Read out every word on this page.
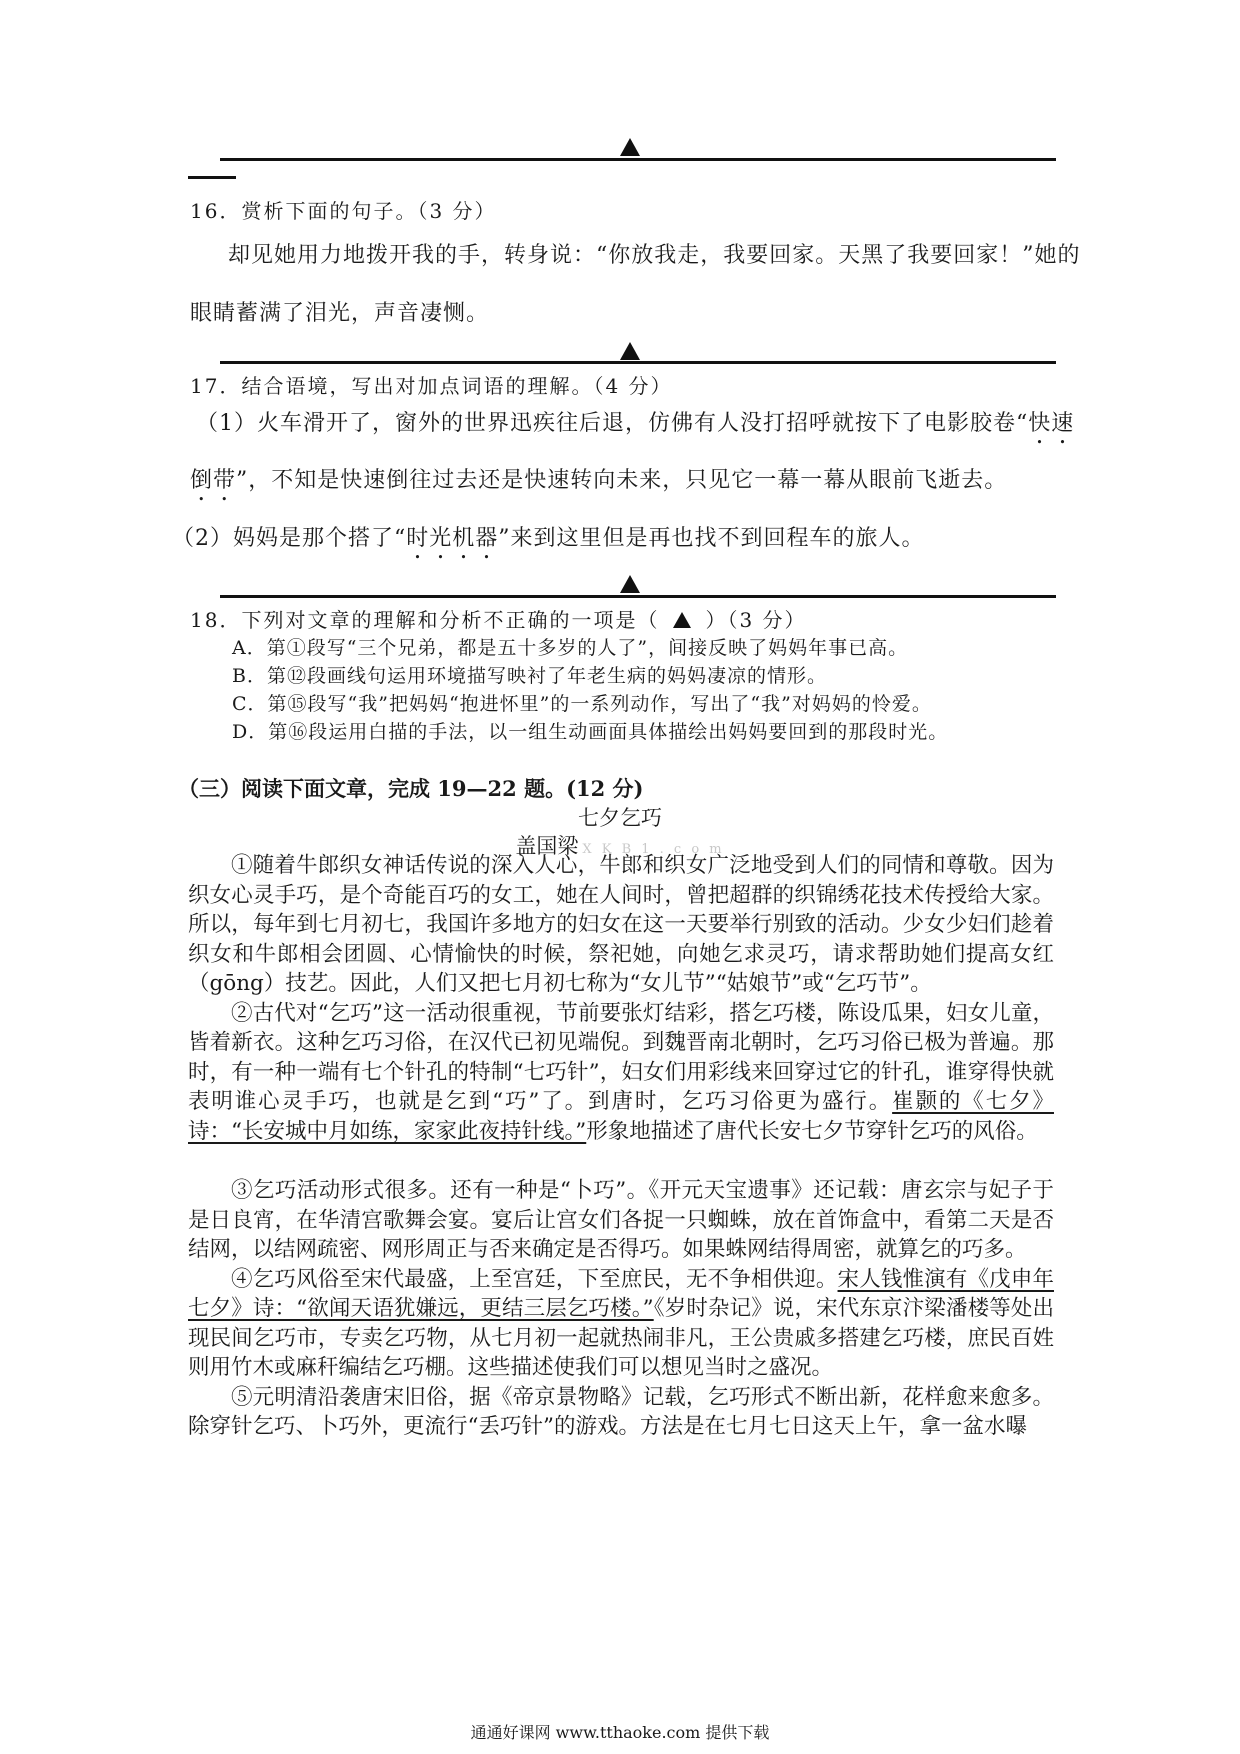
16．赏析下面的句子。（3 分）
却见她用力地拨开我的手，转身说：“你放我走，我要回家。天黑了我要回家！”她的
眼睛蓄满了泪光，声音凄恻。
17．结合语境，写出对加点词语的理解。（4 分）
（1）火车滑开了，窗外的世界迅疾往后退，仿佛有人没打招呼就按下了电影胶卷“快速
倒带”，不知是快速倒往过去还是快速转向未来，只见它一幕一幕从眼前飞逝去。
（2）妈妈是那个搭了“时光机器”来到这里但是再也找不到回程车的旅人。
18．下列对文章的理解和分析不正确的一项是（ ）（3 分）
A．第①段写“三个兄弟，都是五十多岁的人了”，间接反映了妈妈年事已高。
B．第⑫段画线句运用环境描写映衬了年老生病的妈妈凄凉的情形。
C．第⑮段写“我”把妈妈“抱进怀里”的一系列动作，写出了“我”对妈妈的怜爱。
D．第⑯段运用白描的手法，以一组生动画面具体描绘出妈妈要回到的那段时光。
（三）阅读下面文章，完成 19—22 题。(12 分)
七夕乞巧
盖国梁 X K B 1 . c o m

①随着牛郎织女神话传说的深入人心，牛郎和织女广泛地受到人们的同情和尊敬。因为织女心灵手巧，是个奇能百巧的女工，她在人间时，曾把超群的织锦绣花技术传授给大家。所以，每年到七月初七，我国许多地方的妇女在这一天要举行别致的活动。少女少妇们趁着织女和牛郎相会团圆、心情愉快的时候，祭祀她，向她乞求灵巧，请求帮助她们提高女红（gōng）技艺。因此，人们又把七月初七称为“女儿节”“姑娘节”或“乞巧节”。

②古代对“乞巧”这一活动很重视，节前要张灯结彩，搭乞巧楼，陈设瓜果，妇女儿童，皆着新衣。这种乞巧习俗，在汉代已初见端倪。到魏晋南北朝时，乞巧习俗已极为普遍。那时，有一种一端有七个针孔的特制“七巧针”，妇女们用彩线来回穿过它的针孔，谁穿得快就表明谁心灵手巧，也就是乞到“巧”了。到唐时，乞巧习俗更为盛行。崔颢的《七夕》诗：“长安城中月如练，家家此夜持针线。”形象地描述了唐代长安七夕节穿针乞巧的风俗。

③乞巧活动形式很多。还有一种是“卜巧”。《开元天宝遗事》还记载：唐玄宗与妃子于是日良宵，在华清宫歌舞会宴。宴后让宫女们各捉一只蜘蛛，放在首饰盒中，看第二天是否结网，以结网疏密、网形周正与否来确定是否得巧。如果蛛网结得周密，就算乞的巧多。

④乞巧风俗至宋代最盛，上至宫廷，下至庶民，无不争相供迎。宋人钱惟演有《戊申年七夕》诗：“欲闻天语犹嫌远，更结三层乞巧楼。”《岁时杂记》说，宋代东京汴梁潘楼等处出现民间乞巧市，专卖乞巧物，从七月初一起就热闹非凡，王公贵戚多搭建乞巧楼，庶民百姓则用竹木或麻秆编结乞巧棚。这些描述使我们可以想见当时之盛况。

⑤元明清沿袭唐宋旧俗，据《帝京景物略》记载，乞巧形式不断出新，花样愈来愈多。除穿针乞巧、卜巧外，更流行“丢巧针”的游戏。方法是在七月七日这天上午，拿一盆水曝

通通好课网 www.tthaoke.com 提供下载
